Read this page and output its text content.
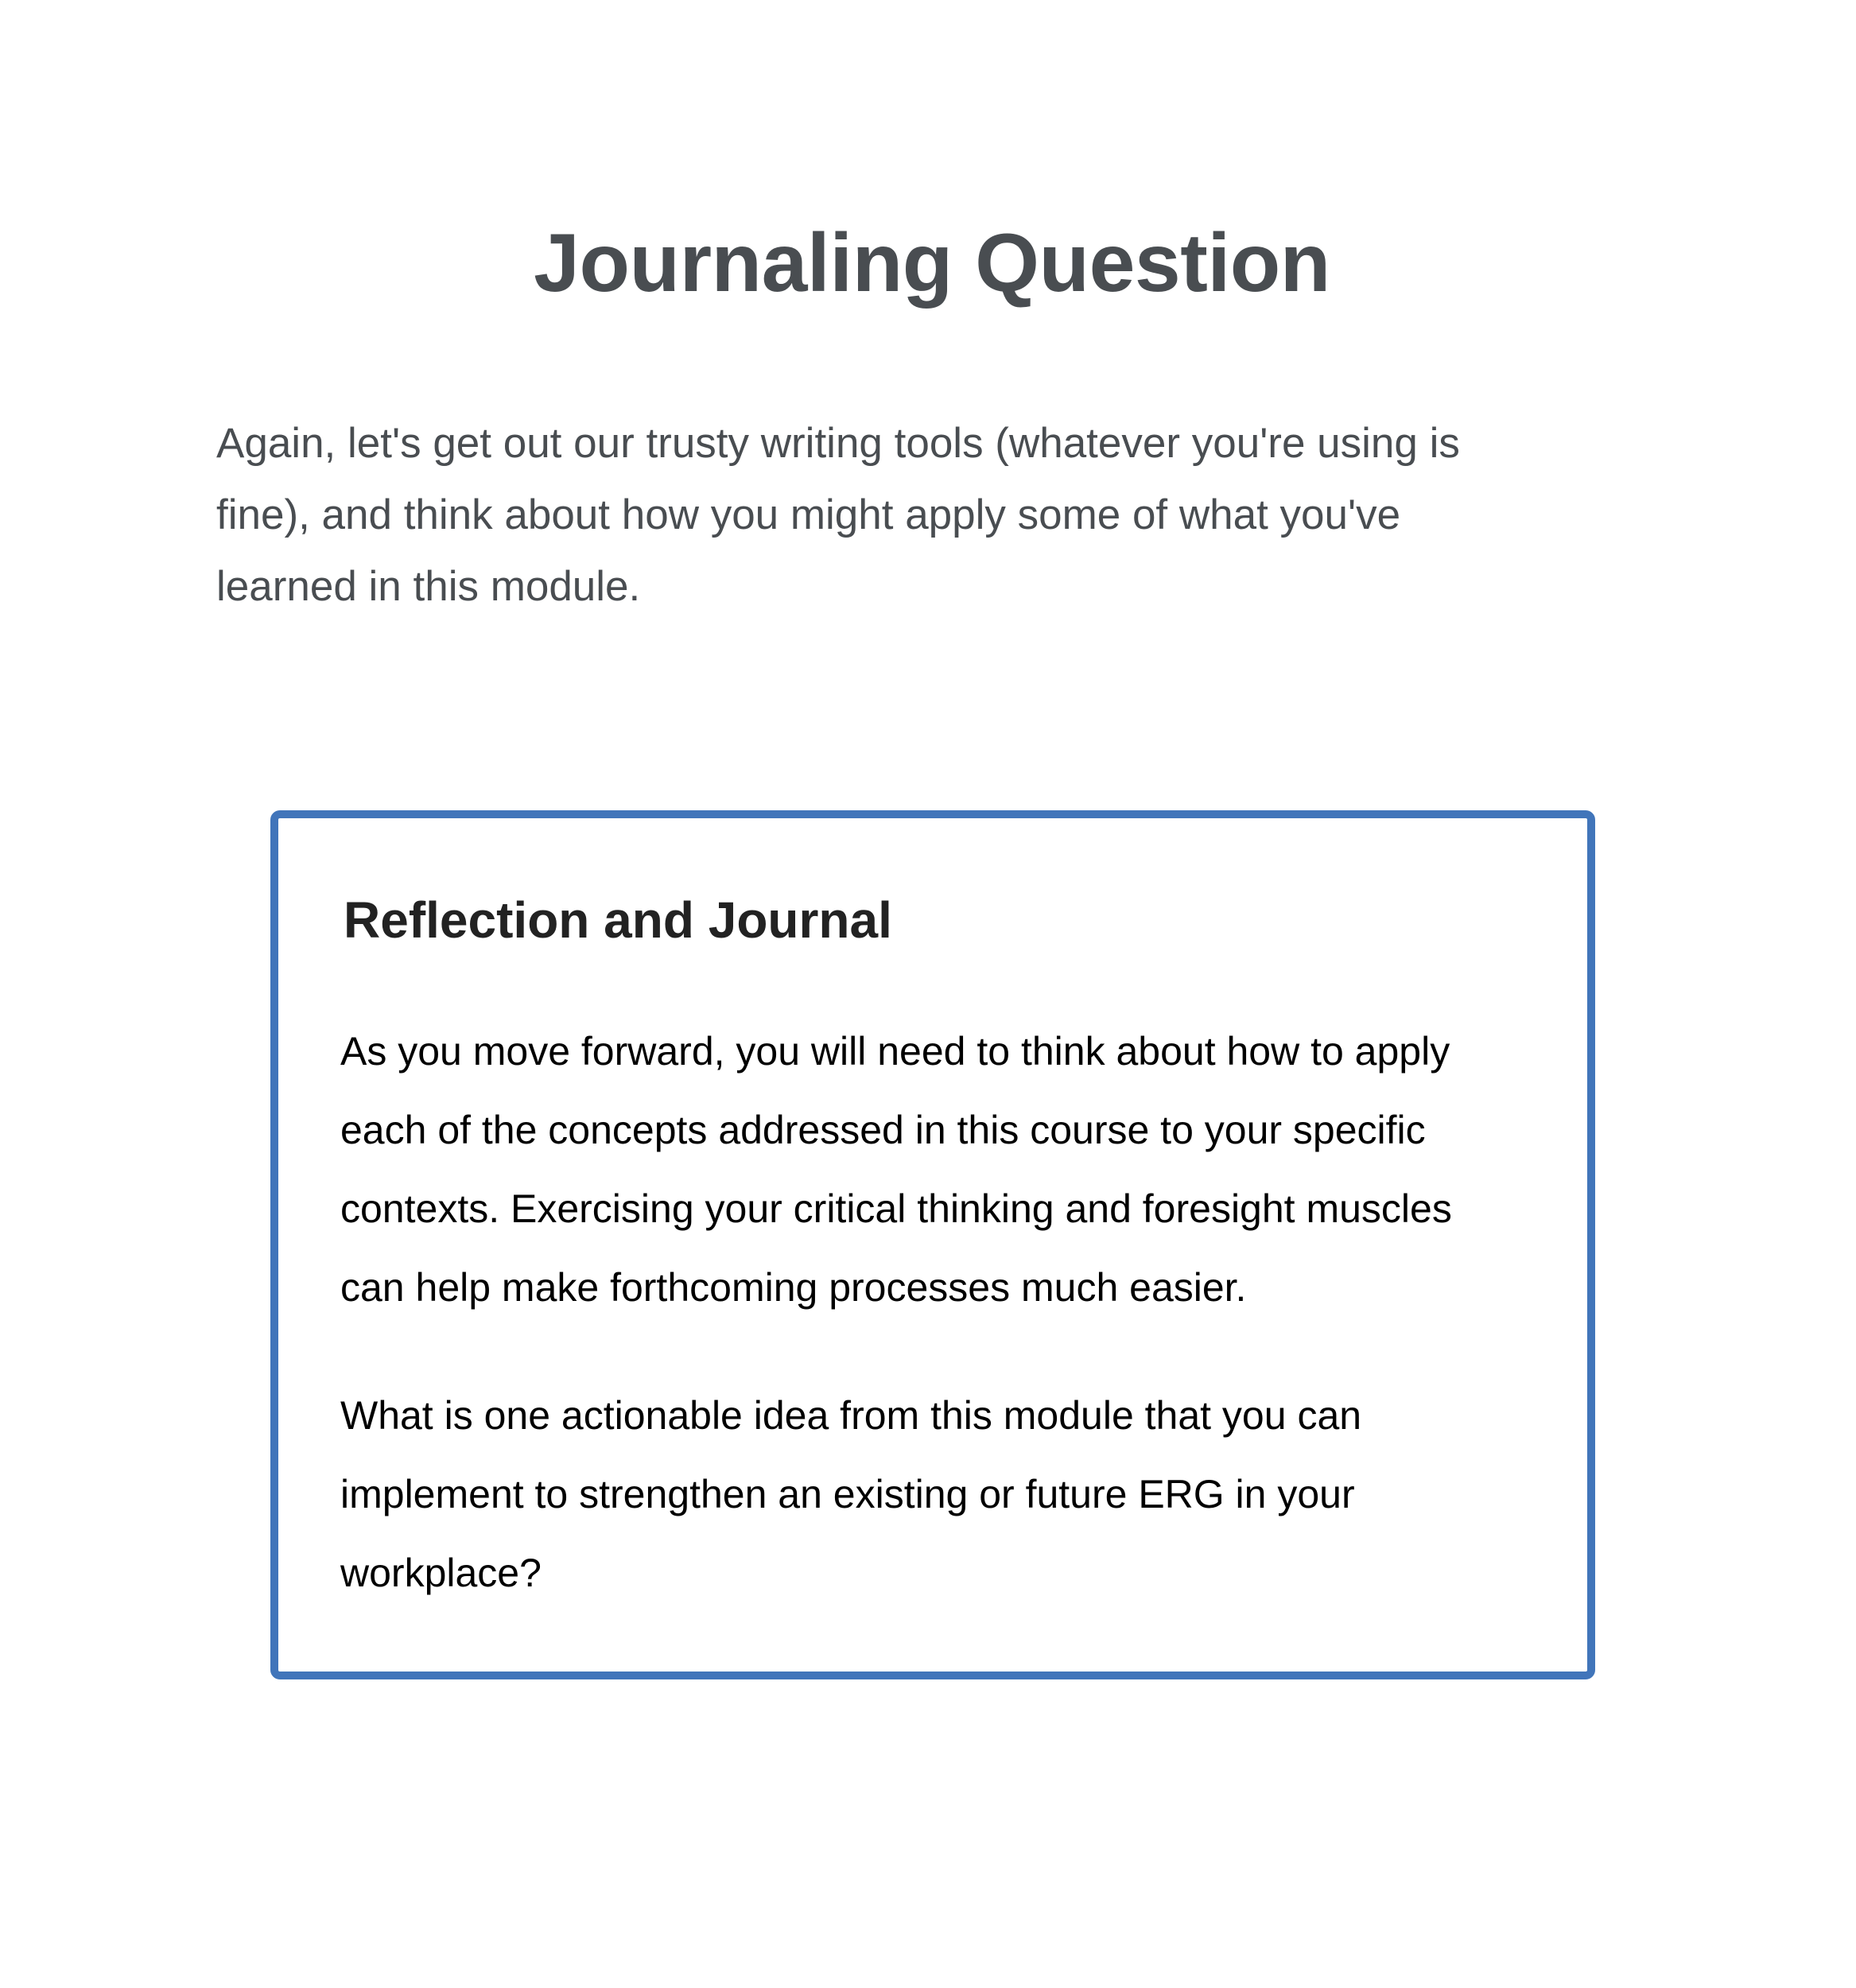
Journaling Question

Again, let's get out our trusty writing tools (whatever you're using is
fine), and think about how you might apply some of what you've
learned in this module.

Reflection and Journal

As you move forward, you will need to think about how to apply
each of the concepts addressed in this course to your specific
contexts. Exercising your critical thinking and foresight muscles
can help make forthcoming processes much easier.

What is one actionable idea from this module that you can
implement to strengthen an existing or future ERG in your
workplace?
